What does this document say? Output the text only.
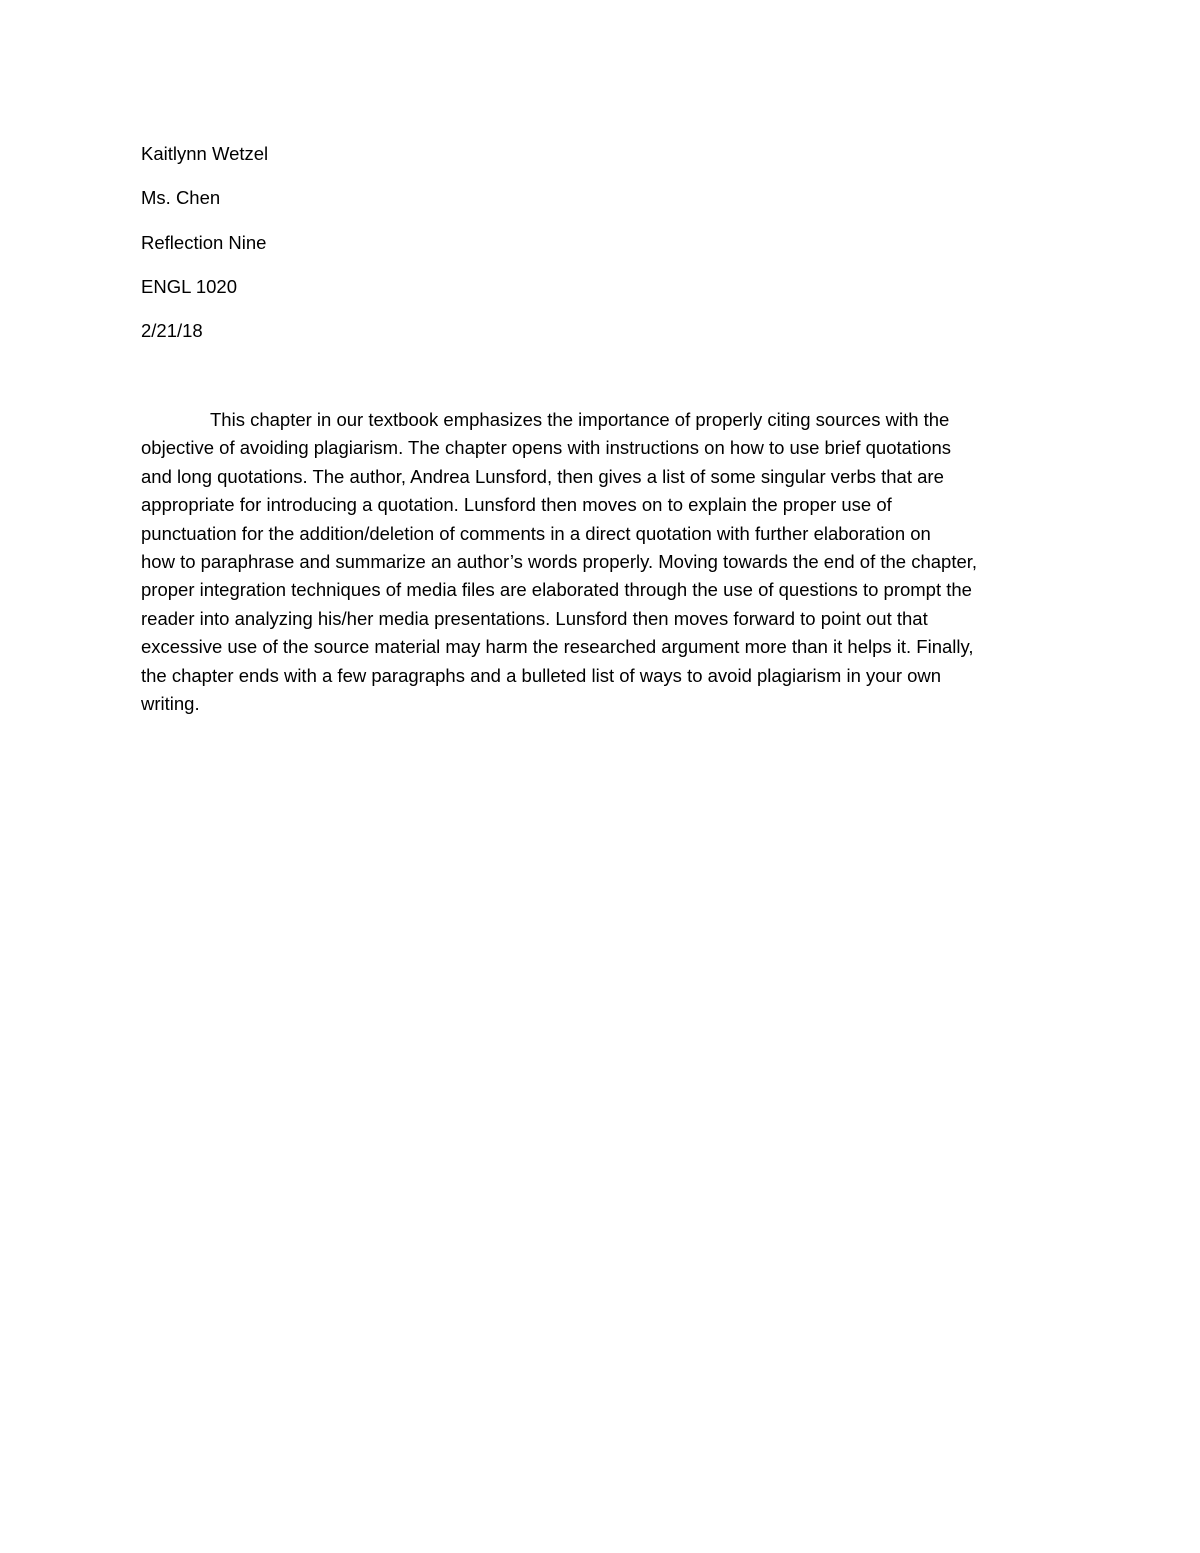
Kaitlynn Wetzel
Ms. Chen
Reflection Nine
ENGL 1020
2/21/18
This chapter in our textbook emphasizes the importance of properly citing sources with the
objective of avoiding plagiarism. The chapter opens with instructions on how to use brief quotations
and long quotations. The author, Andrea Lunsford, then gives a list of some singular verbs that are
appropriate for introducing a quotation. Lunsford then moves on to explain the proper use of
punctuation for the addition/deletion of comments in a direct quotation with further elaboration on
how to paraphrase and summarize an author’s words properly. Moving towards the end of the chapter,
proper integration techniques of media files are elaborated through the use of questions to prompt the
reader into analyzing his/her media presentations. Lunsford then moves forward to point out that
excessive use of the source material may harm the researched argument more than it helps it. Finally,
the chapter ends with a few paragraphs and a bulleted list of ways to avoid plagiarism in your own
writing.
